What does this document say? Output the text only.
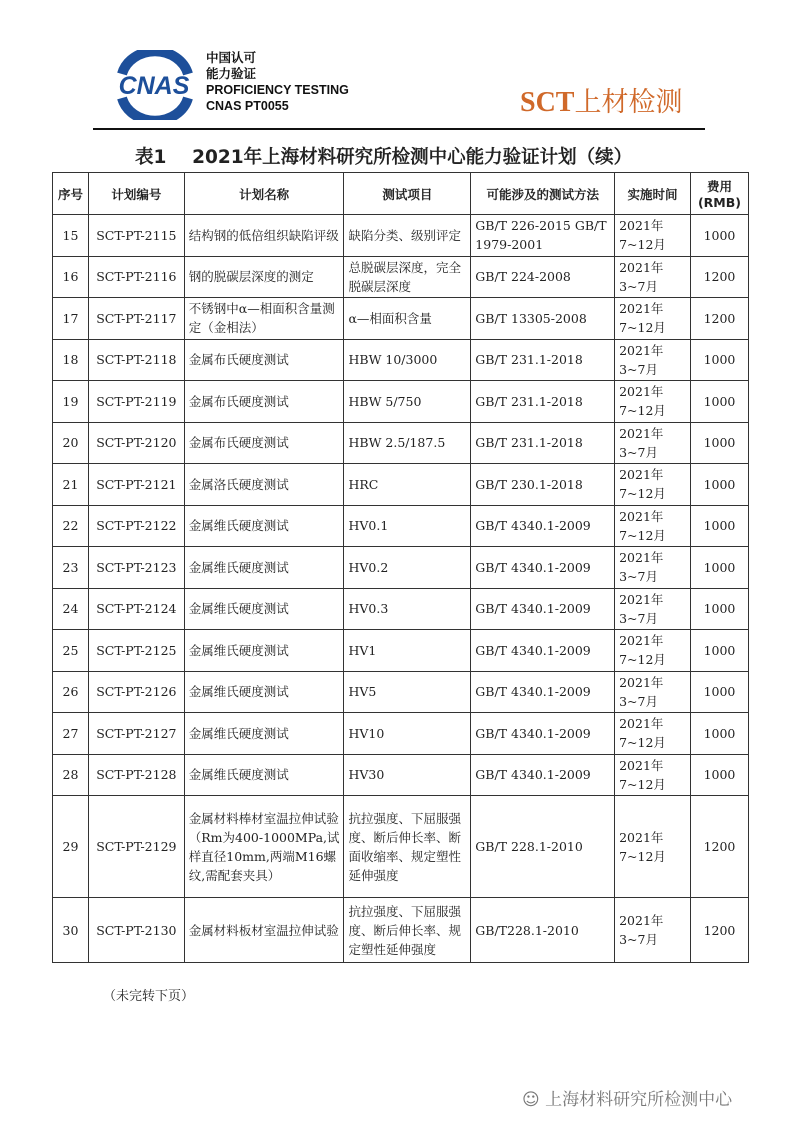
CNAS
中国认可
能力验证
PROFICIENCY TESTING
CNAS PT0055	SCT上材检测
表1    2021年上海材料研究所检测中心能力验证计划（续）
序号	计划编号	计划名称	测试项目	可能涉及的测试方法	实施时间	费用(RMB)
15	SCT-PT-2115	结构钢的低倍组织缺陷评级	缺陷分类、级别评定	GB/T 226-2015 GB/T 1979-2001	2021年 7~12月	1000
16	SCT-PT-2116	钢的脱碳层深度的测定	总脱碳层深度，完全脱碳层深度	GB/T 224-2008	2021年 3~7月	1200
17	SCT-PT-2117	不锈钢中α—相面积含量测定（金相法）	α—相面积含量	GB/T 13305-2008	2021年 7~12月	1200
18	SCT-PT-2118	金属布氏硬度测试	HBW 10/3000	GB/T 231.1-2018	2021年 3~7月	1000
19	SCT-PT-2119	金属布氏硬度测试	HBW 5/750	GB/T 231.1-2018	2021年 7~12月	1000
20	SCT-PT-2120	金属布氏硬度测试	HBW 2.5/187.5	GB/T 231.1-2018	2021年 3~7月	1000
21	SCT-PT-2121	金属洛氏硬度测试	HRC	GB/T 230.1-2018	2021年 7~12月	1000
22	SCT-PT-2122	金属维氏硬度测试	HV0.1	GB/T 4340.1-2009	2021年 7~12月	1000
23	SCT-PT-2123	金属维氏硬度测试	HV0.2	GB/T 4340.1-2009	2021年 3~7月	1000
24	SCT-PT-2124	金属维氏硬度测试	HV0.3	GB/T 4340.1-2009	2021年 3~7月	1000
25	SCT-PT-2125	金属维氏硬度测试	HV1	GB/T 4340.1-2009	2021年 7~12月	1000
26	SCT-PT-2126	金属维氏硬度测试	HV5	GB/T 4340.1-2009	2021年 3~7月	1000
27	SCT-PT-2127	金属维氏硬度测试	HV10	GB/T 4340.1-2009	2021年 7~12月	1000
28	SCT-PT-2128	金属维氏硬度测试	HV30	GB/T 4340.1-2009	2021年 7~12月	1000
29	SCT-PT-2129	金属材料棒材室温拉伸试验（Rm为400-1000MPa,试样直径10mm,两端M16螺纹,需配套夹具）	抗拉强度、下屈服强度、断后伸长率、断面收缩率、规定塑性延伸强度	GB/T 228.1-2010	2021年 7~12月	1200
30	SCT-PT-2130	金属材料板材室温拉伸试验	抗拉强度、下屈服强度、断后伸长率、规定塑性延伸强度	GB/T228.1-2010	2021年 3~7月	1200
（未完转下页）
☺ 上海材料研究所检测中心
